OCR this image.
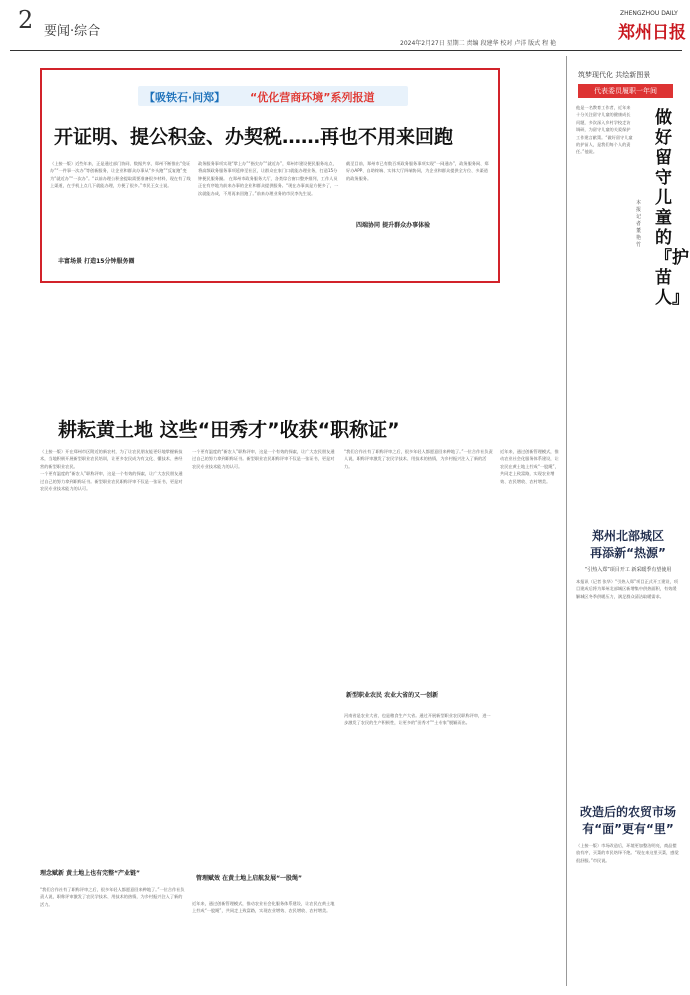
2 要闻·综合
2024年2月27日 星期二 责编 段建华 校对 卢洋 版式 程 艳
ZHENGZHOU DAILY
郑州日报
【吸铁石·问郑】 “优化营商环境”系列报道
开证明、提公积金、办契税……再也不用来回跑
（上接一版）近些年来，正是通过部门协同、数据共享，郑州不断推出“免证办”“一件事一次办”等创新服务，让企业和群众办事从“多头跑”“反复跑”变为“就近办”“一次办”。“以前办理公积金提取需要准备很多材料，现在有了线上渠道，在手机上点几下就能办理，方便了很多。”市民王女士说。
丰富场景 打造15分钟服务圈
政务服务事项实现“掌上办”“指尖办”“就近办”，郑州市建设便民服务站点，将高频政务服务事项延伸至社区，让群众在家门口就能办理业务，打造15分钟便民服务圈。 在郑州市政务服务大厅，各类综合窗口整齐排列，工作人员正在有序地为前来办事的企业和群众提供服务。“现在办事真是方便多了，一次就能办成，不用再来回跑了。”前来办理业务的市民李先生说。
四端协同 提升群众办事体验
截至目前，郑州市已有数百项政务服务事项实现“一网通办”，政务服务网、郑好办APP、自助终端、实体大厅四端协同，为企业和群众提供全方位、多渠道的政务服务。
耕耘黄土地 这些“田秀才”收获“职称证”
（上接一版）开在郑州市区附近的新农村，为了让农民朋友能更好地掌握新技术，当地积极开展新型职业农民培训，让更多农民成为有文化、懂技术、善经营的新型职业农民。
一个更有温度的“新农人”职称评审，这是一个有效的探索，让广大农民朋友通过自己的努力拿到职称证书。新型职业农民职称评审不仅是一张证书，更是对农民专业技术能力的认可。
理念赋新 黄土地上也有完整“产业链”
“我们合作社有了职称评审之后，很多年轻人都愿意回来种地了。”一位合作社负责人说，职称评审激发了农民学技术、用技术的热情，为乡村振兴注入了新的活力。
一个更有温度的“新农人”职称评审，这是一个有效的探索，让广大农民朋友通过自己的努力拿到职称证书。新型职业农民职称评审不仅是一张证书，更是对农民专业技术能力的认可。
管理赋效 在黄土地上启航发展“一股绳”
近年来，通过创新管理模式，推动农业社会化服务体系建设，让农民在黄土地上拧成“一股绳”，共同走上致富路，实现农业增效、农民增收、农村增美。
新型职业农民 农业大省的又一创新
“我们合作社有了职称评审之后，很多年轻人都愿意回来种地了。”一位合作社负责人说，职称评审激发了农民学技术、用技术的热情，为乡村振兴注入了新的活力。
河南省是农业大省，也是粮食生产大省。通过开展新型职业农民职称评审，进一步激发了农民的生产积极性，让更多的“田秀才”“土专家”脱颖而出。
近年来，通过创新管理模式，推动农业社会化服务体系建设，让农民在黄土地上拧成“一股绳”，共同走上致富路，实现农业增效、农民增收、农村增美。
筑梦现代化 共绘新图景
代表委员履职一年间
做好留守儿童的『护苗人』
本报记者 董艳竹
他是一名教育工作者，近年来十分关注留守儿童的健康成长问题，多次深入乡村学校走访调研，为留守儿童的关爱保护工作建言献策。“做好留守儿童的护苗人，是我们每个人的责任。”他说。
郑州北部城区
再添新“热源”
“引热入郑”项目开工 新采暖季有望使用
本报讯（记者 张华）“引热入郑”项目正式开工建设，项目建成后将为郑州北部城区新增集中供热面积，有效缓解城区冬季供暖压力，满足群众清洁取暖需求。
改造后的农贸市场
有“面”更有“里”
（上接一版）市场改造后，环境更加整洁明亮，商品摆放有序，买菜的市民络绎不绝。“现在来这里买菜，感觉很舒服。”市民说。
